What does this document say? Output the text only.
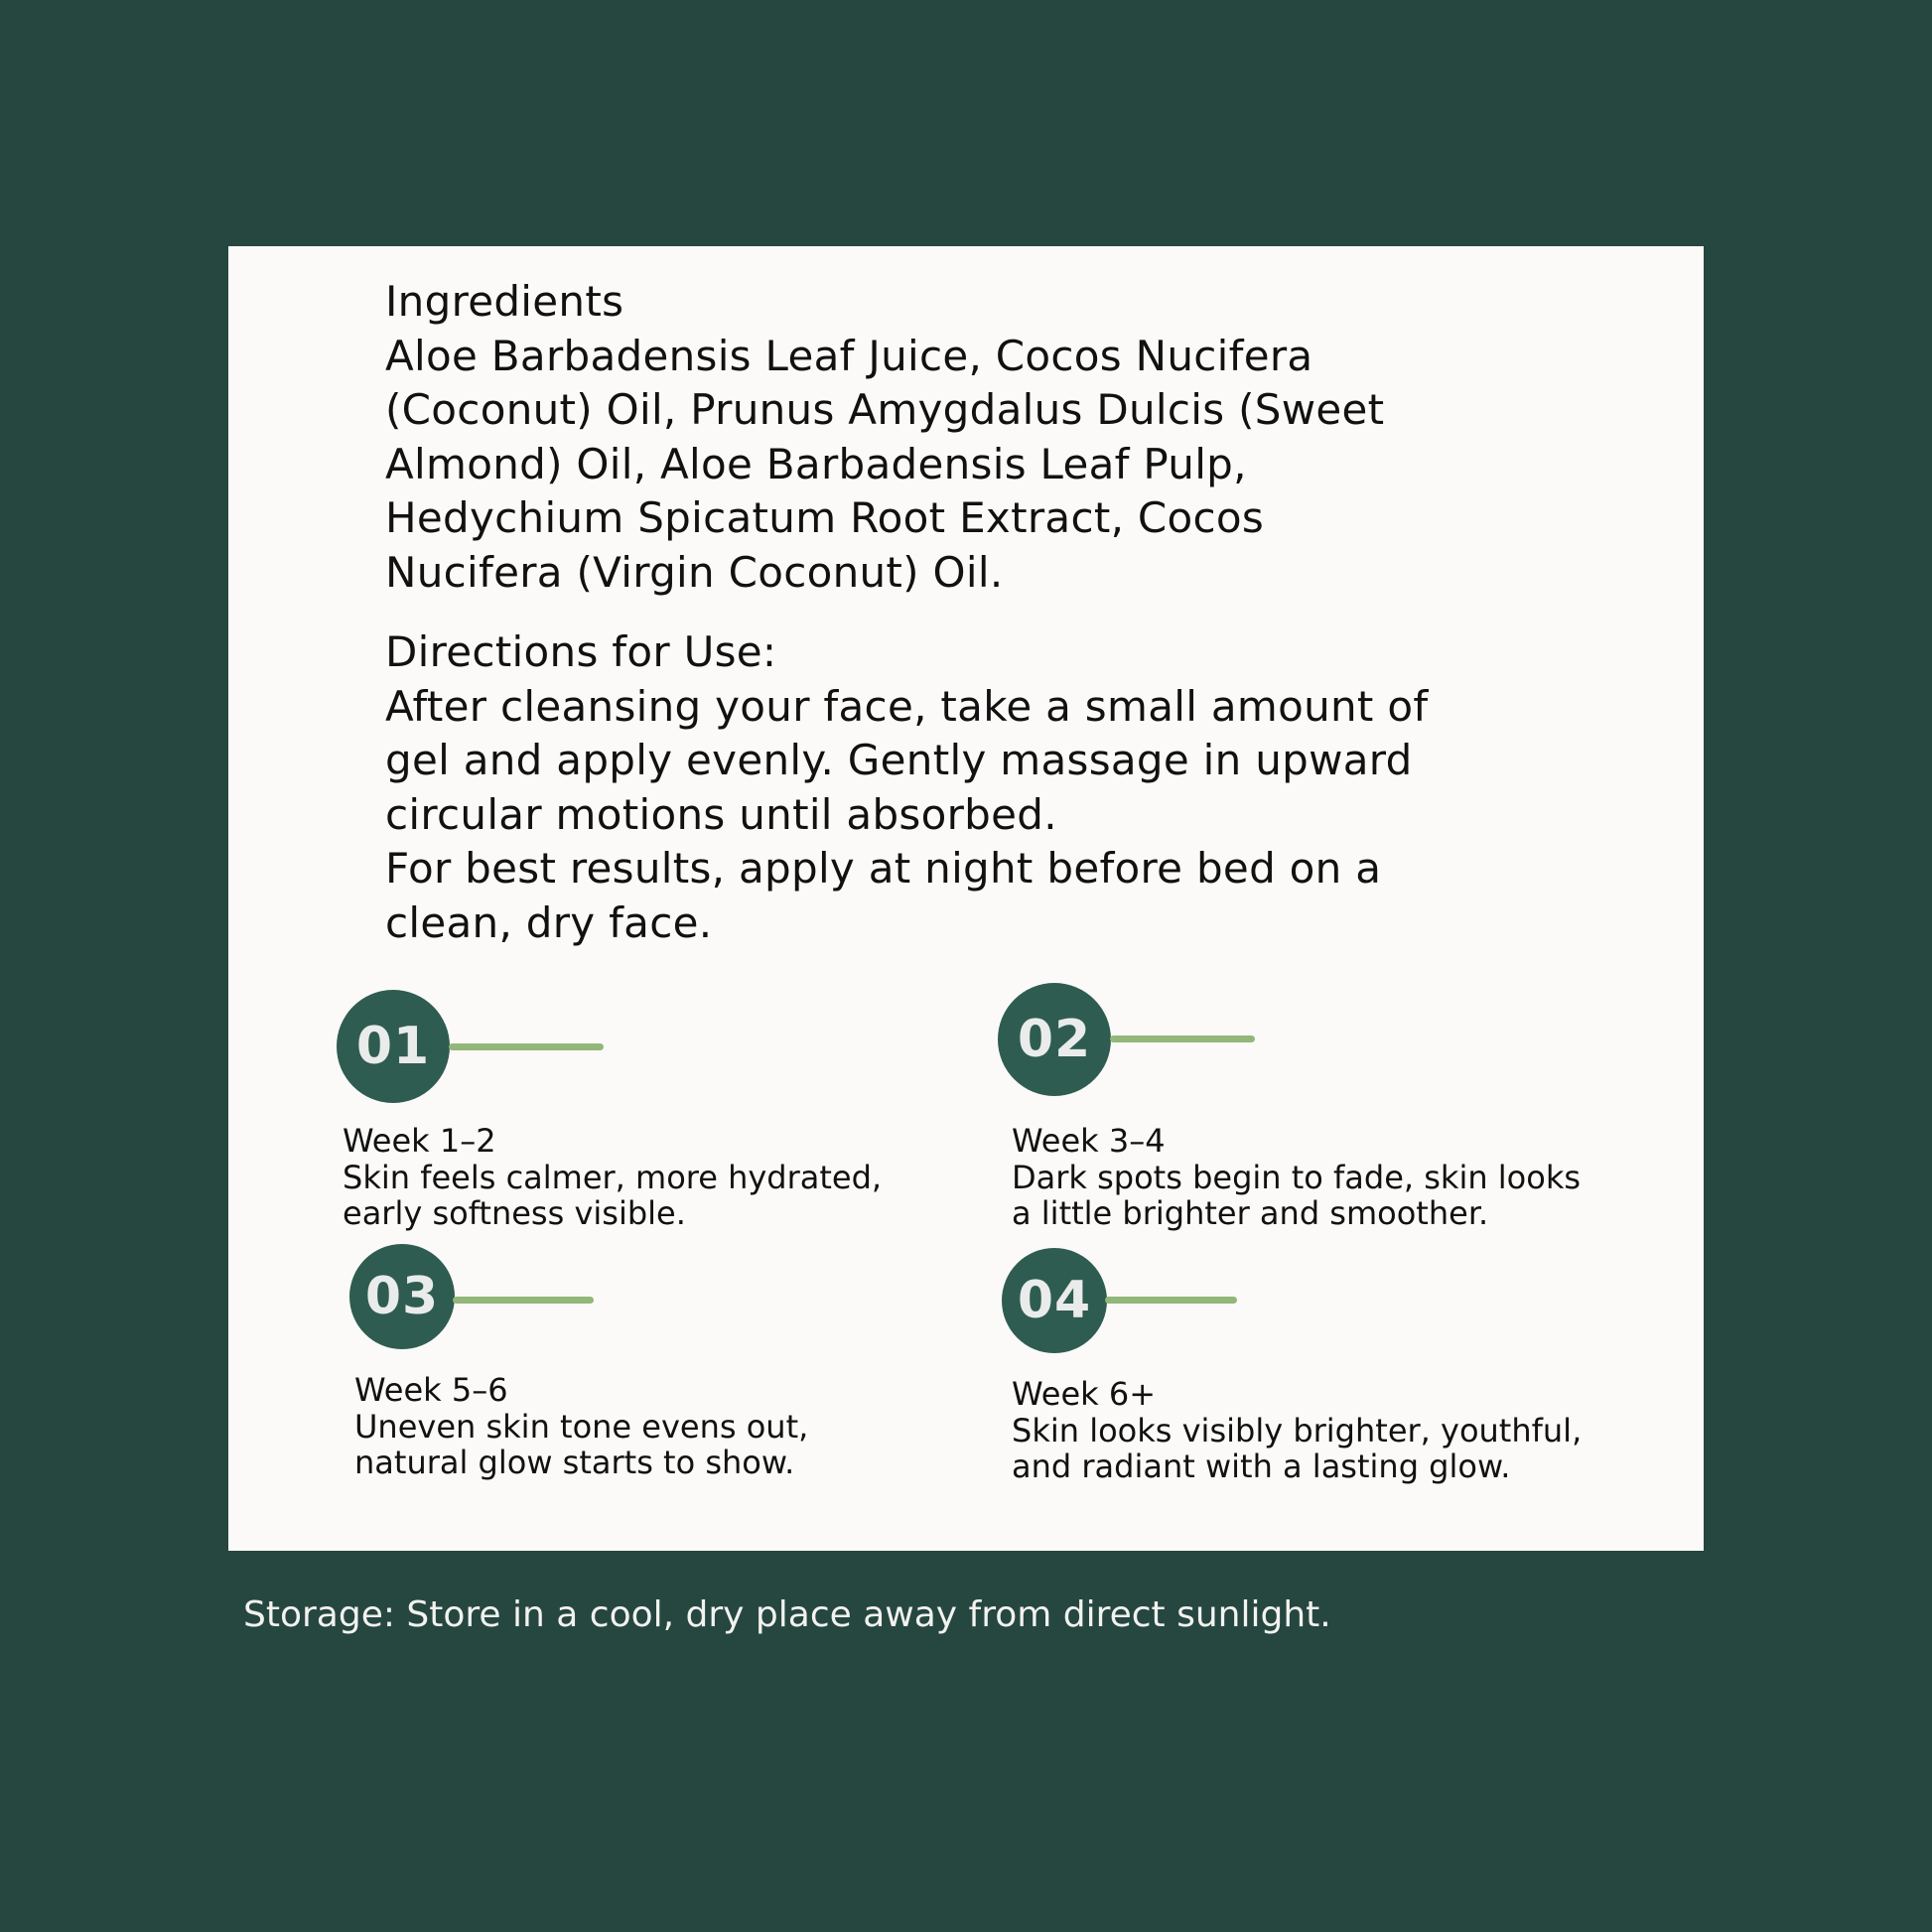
Ingredients
Aloe Barbadensis Leaf Juice, Cocos Nucifera
(Coconut) Oil, Prunus Amygdalus Dulcis (Sweet
Almond) Oil, Aloe Barbadensis Leaf Pulp,
Hedychium Spicatum Root Extract, Cocos
Nucifera (Virgin Coconut) Oil.
Directions for Use:
After cleansing your face, take a small amount of
gel and apply evenly. Gently massage in upward
circular motions until absorbed.
For best results, apply at night before bed on a
clean, dry face.
01
Week 1–2
Skin feels calmer, more hydrated,
early softness visible.
02
Week 3–4
Dark spots begin to fade, skin looks
a little brighter and smoother.
03
Week 5–6
Uneven skin tone evens out,
natural glow starts to show.
04
Week 6+
Skin looks visibly brighter, youthful,
and radiant with a lasting glow.
Storage: Store in a cool, dry place away from direct sunlight.
